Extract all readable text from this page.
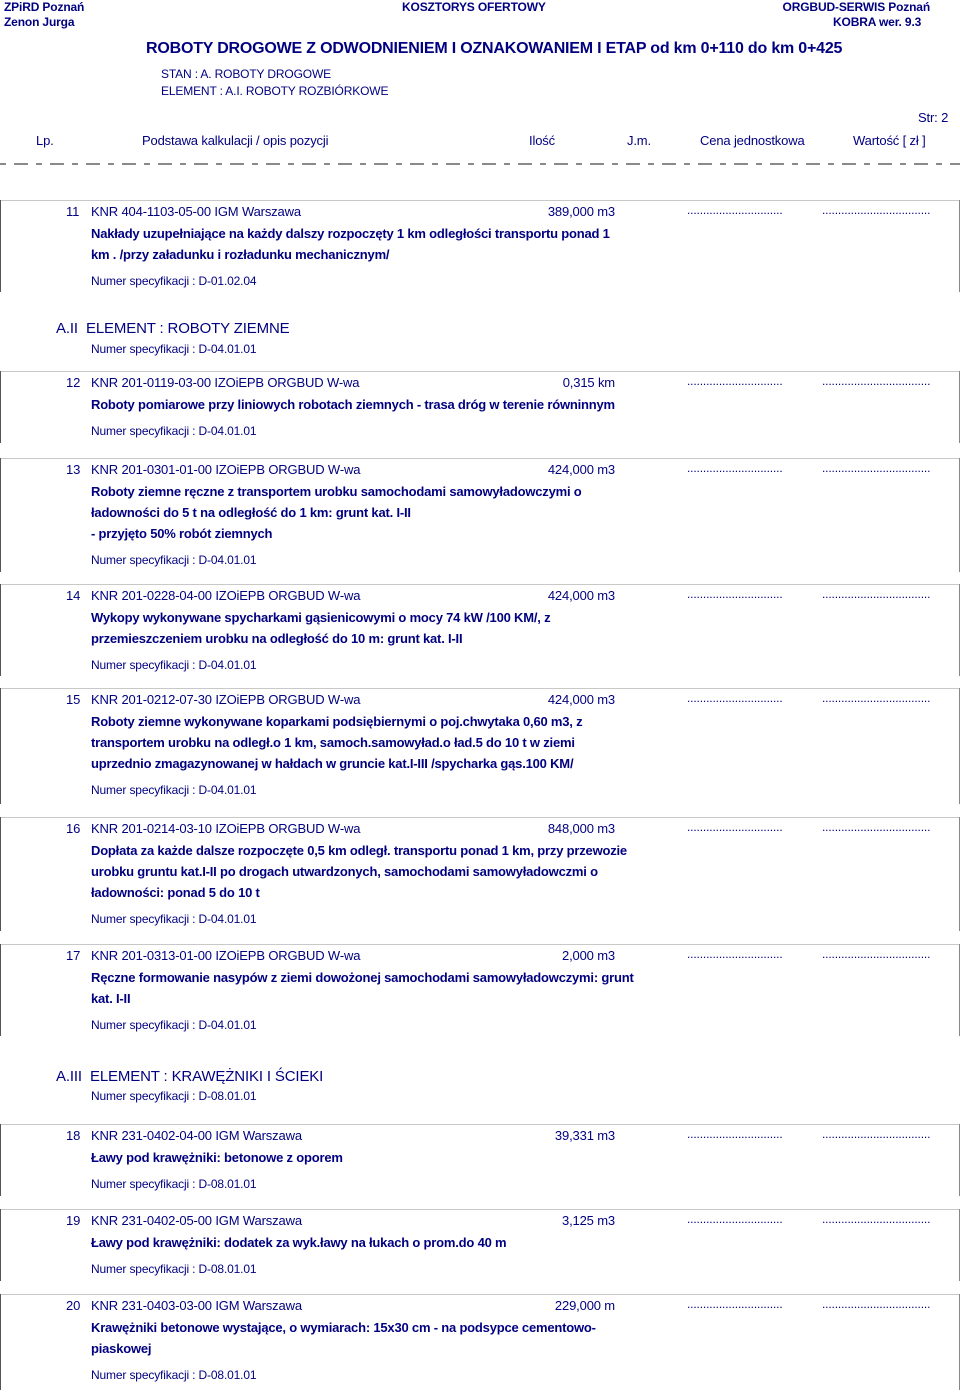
ZPiRD Poznań
Zenon Jurga
KOSZTORYS OFERTOWY	ORGBUD-SERWIS Poznań
KOBRA wer. 9.3
ROBOTY DROGOWE Z ODWODNIENIEM I OZNAKOWANIEM I ETAP od km 0+110 do km 0+425
STAN : A. ROBOTY DROGOWE
ELEMENT : A.I. ROBOTY ROZBIÓRKOWE
Str: 2
Lp.	Podstawa kalkulacji / opis pozycji	Ilość	J.m.	Cena jednostkowa	Wartość [ zł ]
11 KNR 404-1103-05-00 IGM Warszawa	389,000 m3	..............................	..................................
Nakłady uzupełniające na każdy dalszy rozpoczęty 1 km odległości transportu ponad 1
km . /przy załadunku i rozładunku mechanicznym/
Numer specyfikacji : D-01.02.04
12 KNR 201-0119-03-00 IZOiEPB ORGBUD W-wa	0,315 km	..............................	..................................
Roboty pomiarowe przy liniowych robotach ziemnych - trasa dróg w terenie równinnym
Numer specyfikacji : D-04.01.01
13 KNR 201-0301-01-00 IZOiEPB ORGBUD W-wa	424,000 m3	..............................	..................................
Roboty ziemne ręczne z transportem urobku samochodami samowyładowczymi o
ładowności do 5 t na odległość do 1 km: grunt kat. I-II
- przyjęto 50% robót ziemnych
Numer specyfikacji : D-04.01.01
14 KNR 201-0228-04-00 IZOiEPB ORGBUD W-wa	424,000 m3	..............................	..................................
Wykopy wykonywane spycharkami gąsienicowymi o mocy 74 kW /100 KM/, z
przemieszczeniem urobku na odległość do 10 m: grunt kat. I-II
Numer specyfikacji : D-04.01.01
15 KNR 201-0212-07-30 IZOiEPB ORGBUD W-wa	424,000 m3	..............................	..................................
Roboty ziemne wykonywane koparkami podsiębiernymi o poj.chwytaka 0,60 m3, z
transportem urobku na odległ.o 1 km, samoch.samowyład.o ład.5 do 10 t w ziemi
uprzednio zmagazynowanej w hałdach w gruncie kat.I-III /spycharka gąs.100 KM/
Numer specyfikacji : D-04.01.01
16 KNR 201-0214-03-10 IZOiEPB ORGBUD W-wa	848,000 m3	..............................	..................................
Dopłata za każde dalsze rozpoczęte 0,5 km odległ. transportu ponad 1 km, przy przewozie
urobku gruntu kat.I-II po drogach utwardzonych, samochodami samowyładowczmi o
ładowności: ponad 5 do 10 t
Numer specyfikacji : D-04.01.01
17 KNR 201-0313-01-00 IZOiEPB ORGBUD W-wa	2,000 m3	..............................	..................................
Ręczne formowanie nasypów z ziemi dowożonej samochodami samowyładowczymi: grunt
kat. I-II
Numer specyfikacji : D-04.01.01
18 KNR 231-0402-04-00 IGM Warszawa	39,331 m3	..............................	..................................
Ławy pod krawężniki: betonowe z oporem
Numer specyfikacji : D-08.01.01
19 KNR 231-0402-05-00 IGM Warszawa	3,125 m3	..............................	..................................
Ławy pod krawężniki: dodatek za wyk.ławy na łukach o prom.do 40 m
Numer specyfikacji : D-08.01.01
20 KNR 231-0403-03-00 IGM Warszawa	229,000 m	..............................	..................................
Krawężniki betonowe wystające, o wymiarach: 15x30 cm - na podsypce cementowo-
piaskowej
Numer specyfikacji : D-08.01.01
A.II ELEMENT : ROBOTY ZIEMNE
Numer specyfikacji : D-04.01.01
A.III ELEMENT : KRAWĘŻNIKI I ŚCIEKI
Numer specyfikacji : D-08.01.01
